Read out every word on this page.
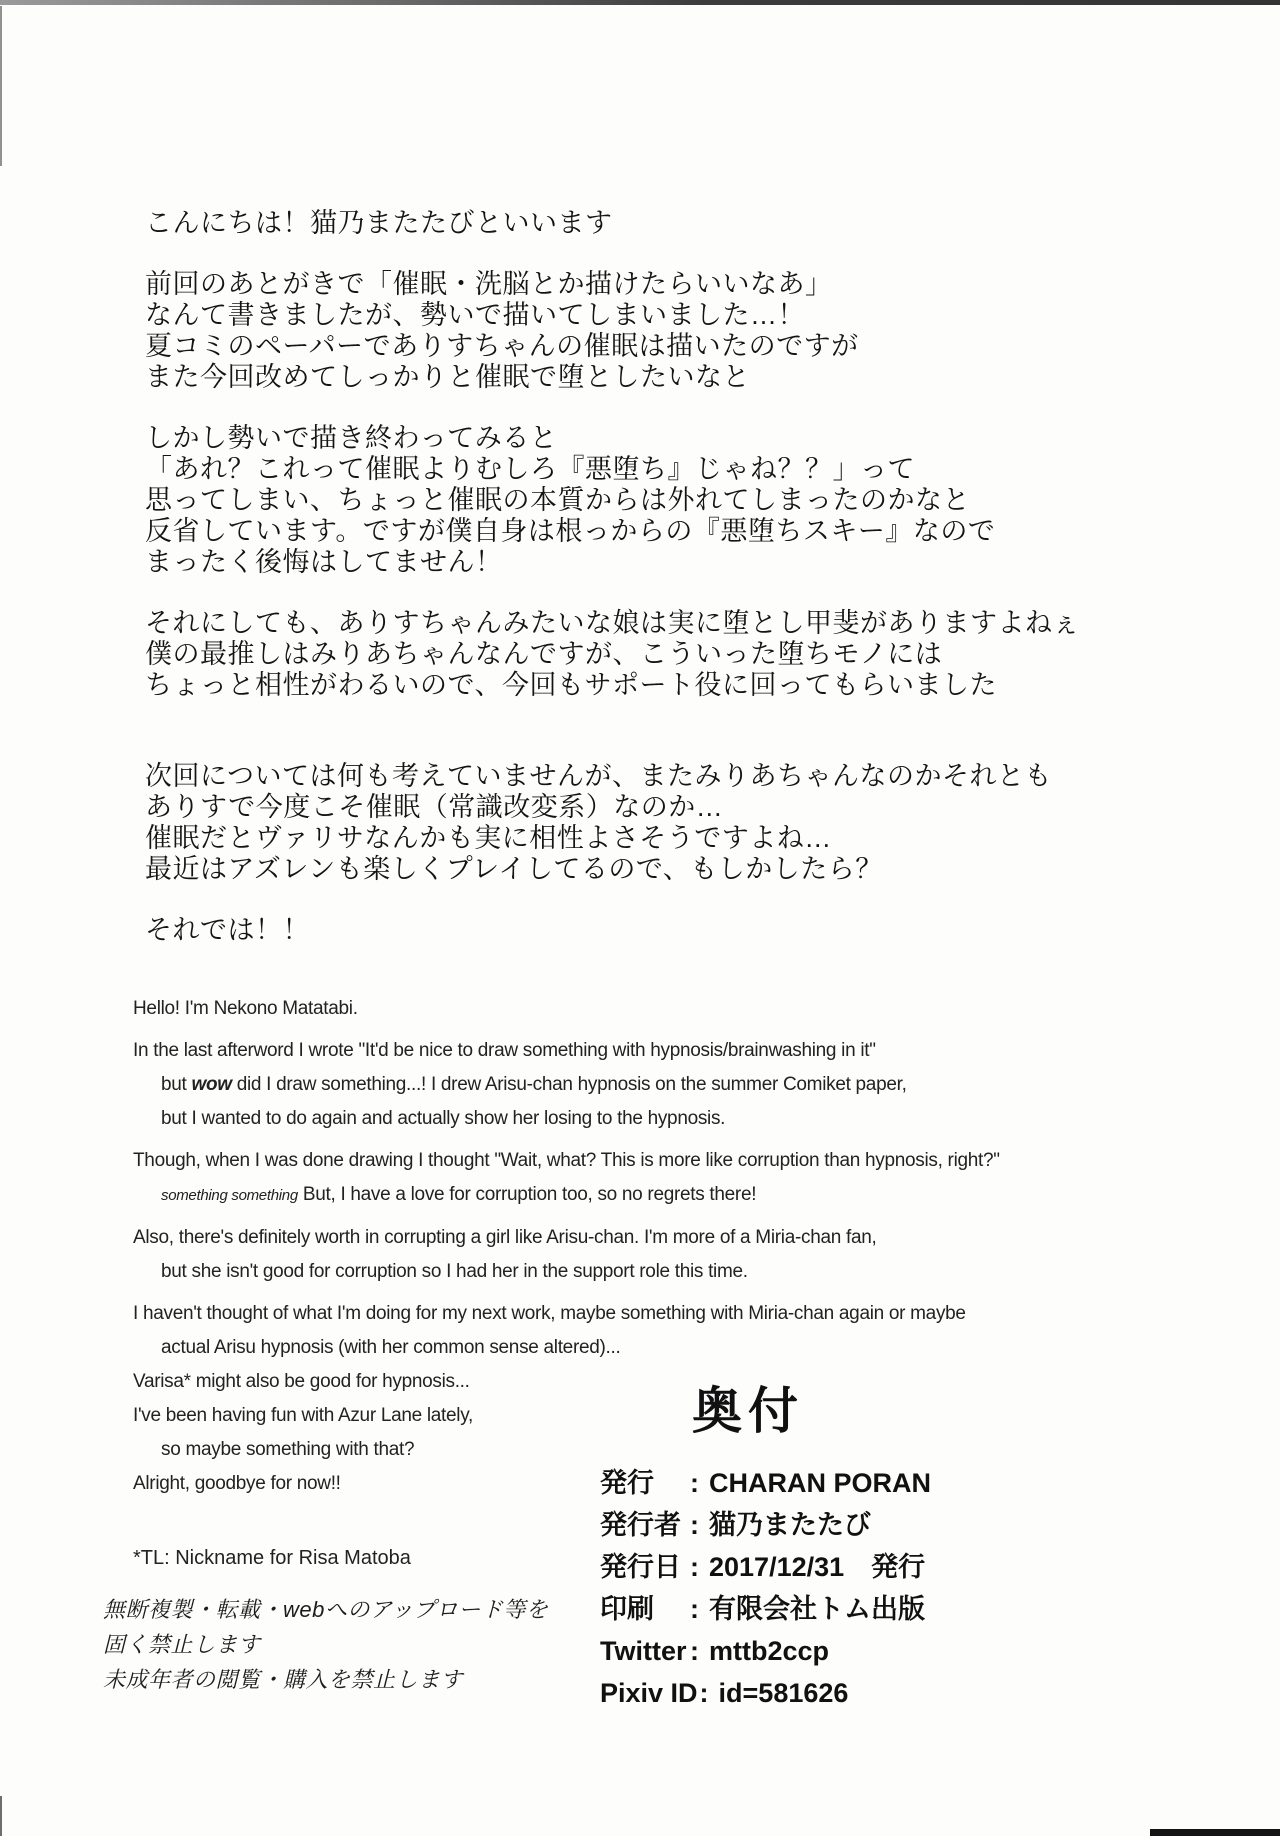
こんにちは！猫乃またたびといいます
前回のあとがきで「催眠・洗脳とか描けたらいいなあ」
なんて書きましたが、勢いで描いてしまいました…！
夏コミのペーパーでありすちゃんの催眠は描いたのですが
また今回改めてしっかりと催眠で堕としたいなと
しかし勢いで描き終わってみると
「あれ？これって催眠よりむしろ『悪堕ち』じゃね？？」って
思ってしまい、ちょっと催眠の本質からは外れてしまったのかなと
反省しています。ですが僕自身は根っからの『悪堕ちスキー』なので
まったく後悔はしてません！
それにしても、ありすちゃんみたいな娘は実に堕とし甲斐がありますよねぇ
僕の最推しはみりあちゃんなんですが、こういった堕ちモノには
ちょっと相性がわるいので、今回もサポート役に回ってもらいました
次回については何も考えていませんが、またみりあちゃんなのかそれとも
ありすで今度こそ催眠（常識改変系）なのか…
催眠だとヴァリサなんかも実に相性よさそうですよね…
最近はアズレンも楽しくプレイしてるので、もしかしたら？
それでは！！
Hello! I'm Nekono Matatabi.
In the last afterword I wrote "It'd be nice to draw something with hypnosis/brainwashing in it"
but wow did I draw something...! I drew Arisu-chan hypnosis on the summer Comiket paper,
but I wanted to do again and actually show her losing to the hypnosis.
Though, when I was done drawing I thought "Wait, what? This is more like corruption than hypnosis, right?"
something something But, I have a love for corruption too, so no regrets there!
Also, there's definitely worth in corrupting a girl like Arisu-chan. I'm more of a Miria-chan fan,
but she isn't good for corruption so I had her in the support role this time.
I haven't thought of what I'm doing for my next work, maybe something with Miria-chan again or maybe
actual Arisu hypnosis (with her common sense altered)...
Varisa* might also be good for hypnosis...
I've been having fun with Azur Lane lately,
so maybe something with that?
Alright, goodbye for now!!
*TL: Nickname for Risa Matoba
奥付
発行	: CHARAN PORAN
発行者 : 猫乃またたび
発行日 : 2017/12/31　発行
印刷	: 有限会社トム出版
Twitter : mttb2ccp
Pixiv ID : id=581626
無断複製・転載・webへのアップロード等を
固く禁止します
未成年者の閲覧・購入を禁止します
